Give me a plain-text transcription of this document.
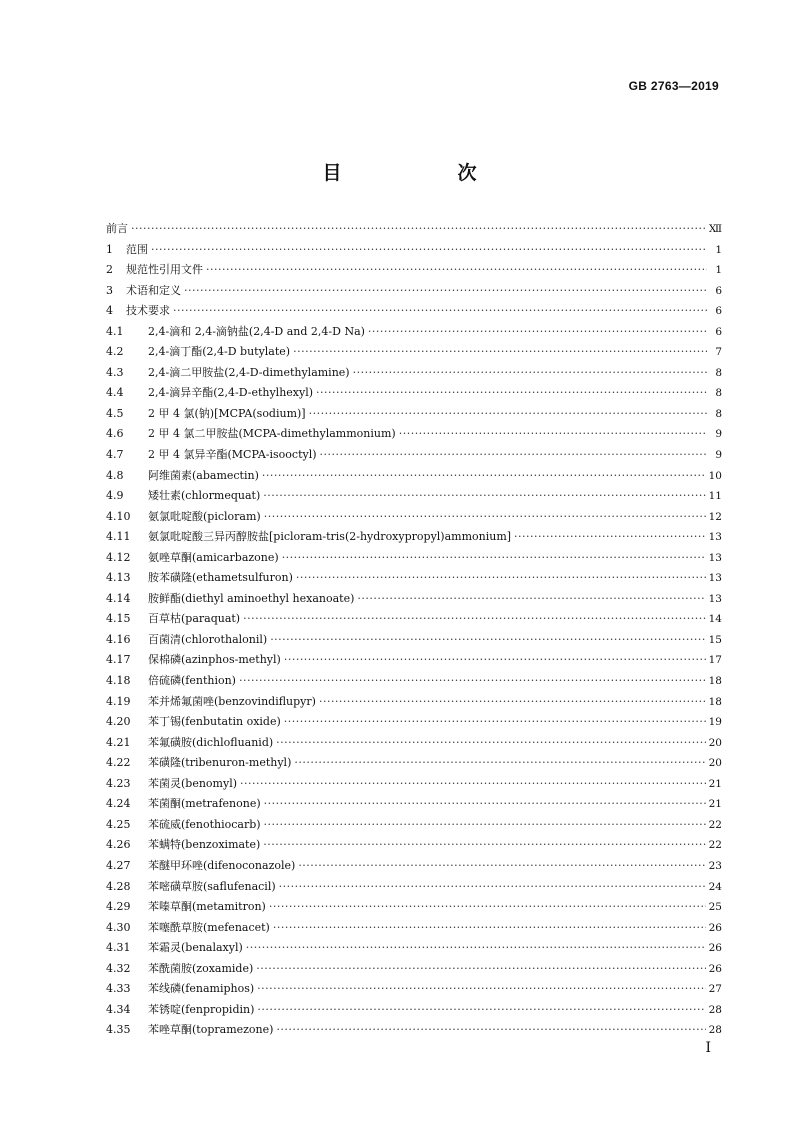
GB 2763—2019
目　　次
前言 ·····	Ⅻ
1	范围 ·····	1
2	规范性引用文件 ·····	1
3	术语和定义 ·····	6
4	技术要求 ·····	6
4.1	2,4-滴和 2,4-滴钠盐(2,4-D and 2,4-D Na) ·····	6
4.2	2,4-滴丁酯(2,4-D butylate) ·····	7
4.3	2,4-滴二甲胺盐(2,4-D-dimethylamine) ·····	8
4.4	2,4-滴异辛酯(2,4-D-ethylhexyl) ·····	8
4.5	2 甲 4 氯(钠)[MCPA(sodium)] ·····	8
4.6	2 甲 4 氯二甲胺盐(MCPA-dimethylammonium) ·····	9
4.7	2 甲 4 氯异辛酯(MCPA-isooctyl) ·····	9
4.8	阿维菌素(abamectin) ·····	10
4.9	矮壮素(chlormequat) ·····	11
4.10	氨氯吡啶酸(picloram) ·····	12
4.11	氨氯吡啶酸三异丙醇胺盐[picloram-tris(2-hydroxypropyl)ammonium] ·····	13
4.12	氨唑草酮(amicarbazone) ·····	13
4.13	胺苯磺隆(ethametsulfuron) ·····	13
4.14	胺鲜酯(diethyl aminoethyl hexanoate) ·····	13
4.15	百草枯(paraquat) ·····	14
4.16	百菌清(chlorothalonil) ·····	15
4.17	保棉磷(azinphos-methyl) ·····	17
4.18	倍硫磷(fenthion) ·····	18
4.19	苯并烯氟菌唑(benzovindiflupyr) ·····	18
4.20	苯丁锡(fenbutatin oxide) ·····	19
4.21	苯氟磺胺(dichlofluanid) ·····	20
4.22	苯磺隆(tribenuron-methyl) ·····	20
4.23	苯菌灵(benomyl) ·····	21
4.24	苯菌酮(metrafenone) ·····	21
4.25	苯硫威(fenothiocarb) ·····	22
4.26	苯螨特(benzoximate) ·····	22
4.27	苯醚甲环唑(difenoconazole) ·····	23
4.28	苯嘧磺草胺(saflufenacil) ·····	24
4.29	苯嗪草酮(metamitron) ·····	25
4.30	苯噻酰草胺(mefenacet) ·····	26
4.31	苯霜灵(benalaxyl) ·····	26
4.32	苯酰菌胺(zoxamide) ·····	26
4.33	苯线磷(fenamiphos) ·····	27
4.34	苯锈啶(fenpropidin) ·····	28
4.35	苯唑草酮(topramezone) ·····	28
Ⅰ
